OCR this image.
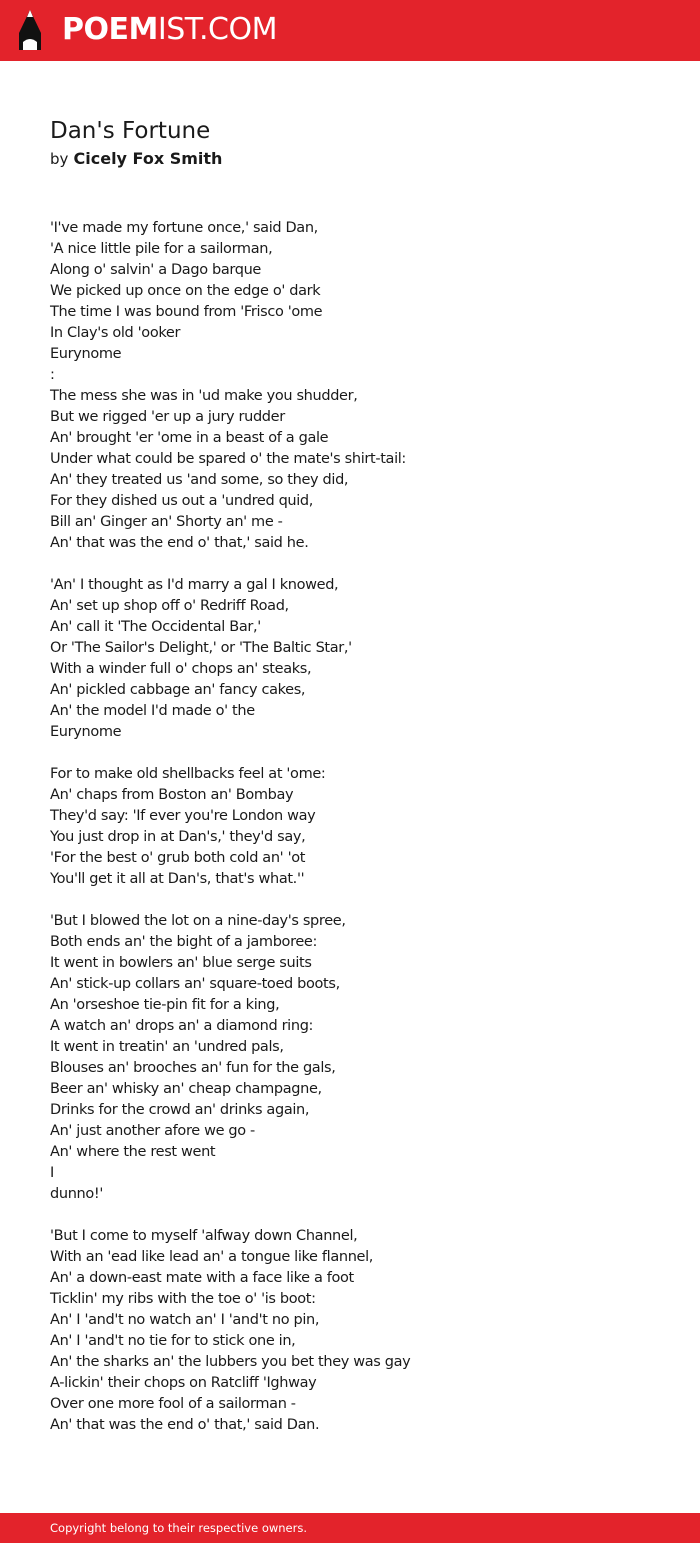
POEMIST.COM
Dan's Fortune
by Cicely Fox Smith
'I've made my fortune once,' said Dan,
'A nice little pile for a sailorman,
Along o' salvin' a Dago barque
We picked up once on the edge o' dark
The time I was bound from 'Frisco 'ome
In Clay's old 'ooker
Eurynome
:
The mess she was in 'ud make you shudder,
But we rigged 'er up a jury rudder
An' brought 'er 'ome in a beast of a gale
Under what could be spared o' the mate's shirt-tail:
An' they treated us 'and some, so they did,
For they dished us out a 'undred quid,
Bill an' Ginger an' Shorty an' me -
An' that was the end o' that,' said he.
'An' I thought as I'd marry a gal I knowed,
An' set up shop off o' Redriff Road,
An' call it 'The Occidental Bar,'
Or 'The Sailor's Delight,' or 'The Baltic Star,'
With a winder full o' chops an' steaks,
An' pickled cabbage an' fancy cakes,
An' the model I'd made o' the
Eurynome
For to make old shellbacks feel at 'ome:
An' chaps from Boston an' Bombay
They'd say: 'If ever you're London way
You just drop in at Dan's,' they'd say,
'For the best o' grub both cold an' 'ot
You'll get it all at Dan's, that's what.''
'But I blowed the lot on a nine-day's spree,
Both ends an' the bight of a jamboree:
It went in bowlers an' blue serge suits
An' stick-up collars an' square-toed boots,
An 'orseshoe tie-pin fit for a king,
A watch an' drops an' a diamond ring:
It went in treatin' an 'undred pals,
Blouses an' brooches an' fun for the gals,
Beer an' whisky an' cheap champagne,
Drinks for the crowd an' drinks again,
An' just another afore we go -
An' where the rest went
I
dunno!'
'But I come to myself 'alfway down Channel,
With an 'ead like lead an' a tongue like flannel,
An' a down-east mate with a face like a foot
Ticklin' my ribs with the toe o' 'is boot:
An' I 'and't no watch an' I 'and't no pin,
An' I 'and't no tie for to stick one in,
An' the sharks an' the lubbers you bet they was gay
A-lickin' their chops on Ratcliff 'Ighway
Over one more fool of a sailorman -
An' that was the end o' that,' said Dan.
Copyright belong to their respective owners.
